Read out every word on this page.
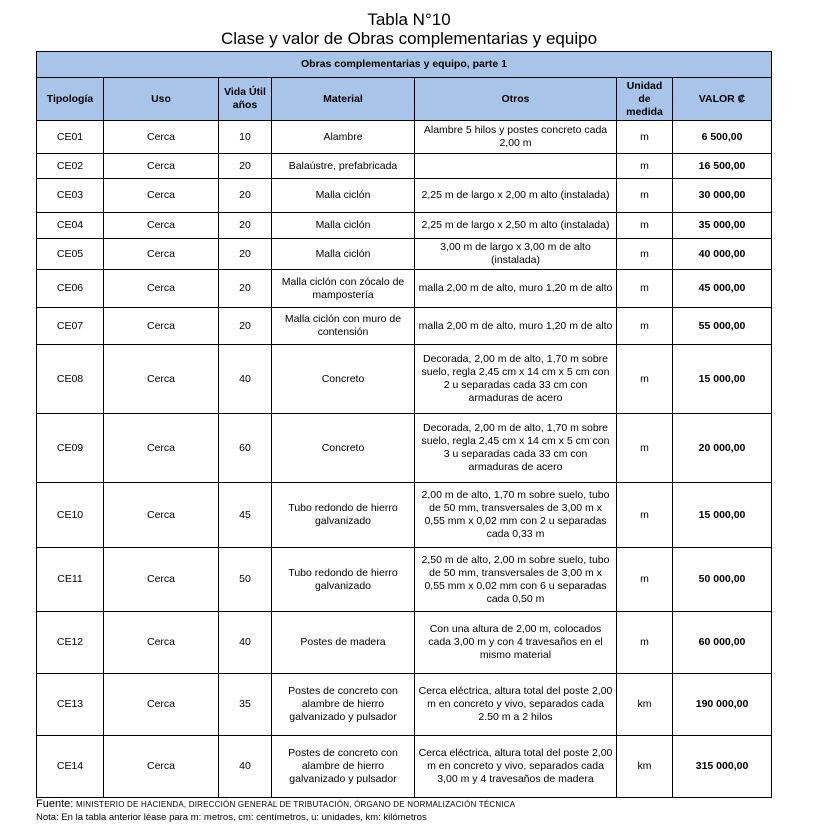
Tabla N°10
Clase y valor de Obras complementarias y equipo
Obras complementarias y equipo, parte 1						
Tipología	Uso	Vida Útil años	Material	Otros	Unidad de medida	VALOR ₡
CE01	Cerca	10	Alambre	Alambre 5 hilos y postes concreto cada 2,00 m	m	6 500,00
CE02	Cerca	20	Balaústre, prefabricada		m	16 500,00
CE03	Cerca	20	Malla ciclón	2,25 m de largo x 2,00 m alto (instalada)	m	30 000,00
CE04	Cerca	20	Malla ciclón	2,25 m de largo x 2,50 m alto (instalada)	m	35 000,00
CE05	Cerca	20	Malla ciclón	3,00 m de largo x 3,00 m de alto (instalada)	m	40 000,00
CE06	Cerca	20	Malla ciclón con zócalo de mampostería	malla 2,00 m de alto, muro 1,20 m de alto	m	45 000,00
CE07	Cerca	20	Malla ciclón con muro de contensión	malla 2,00 m de alto, muro 1,20 m de alto	m	55 000,00
CE08	Cerca	40	Concreto	Decorada, 2,00 m de alto, 1,70 m sobre suelo, regla 2,45 cm x 14 cm x 5 cm con 2 u separadas cada 33 cm con armaduras de acero	m	15 000,00
CE09	Cerca	60	Concreto	Decorada, 2,00 m de alto, 1,70 m sobre suelo, regla 2,45 cm x 14 cm x 5 cm con 3 u separadas cada 33 cm con armaduras de acero	m	20 000,00
CE10	Cerca	45	Tubo redondo de hierro galvanizado	2,00 m de alto, 1,70 m sobre suelo, tubo de 50 mm, transversales de 3,00 m x 0,55 mm x 0,02 mm con 2 u separadas cada 0,33 m	m	15 000,00
CE11	Cerca	50	Tubo redondo de hierro galvanizado	2,50 m de alto, 2,00 m sobre suelo, tubo de 50 mm, transversales de 3,00 m x 0,55 mm x 0,02 mm con 6 u separadas cada 0,50 m	m	50 000,00
CE12	Cerca	40	Postes de madera	Con una altura de 2,00 m, colocados cada 3,00 m y con 4 travesaños en el mismo material	m	60 000,00
CE13	Cerca	35	Postes de concreto con alambre de hierro galvanizado y pulsador	Cerca eléctrica, altura total del poste 2,00 m en concreto y vivo, separados cada 2.50 m a 2 hilos	km	190 000,00
CE14	Cerca	40	Postes de concreto con alambre de hierro galvanizado y pulsador	Cerca eléctrica, altura total del poste 2,00 m en concreto y vivo, separados cada 3,00 m y 4 travesaños de madera	km	315 000,00
Fuente: MINISTERIO DE HACIENDA, DIRECCIÓN GENERAL DE TRIBUTACIÓN, ÓRGANO DE NORMALIZACIÓN TÉCNICA
Nota: En la tabla anterior léase para m: metros, cm: centímetros, u: unidades, km: kilómetros
